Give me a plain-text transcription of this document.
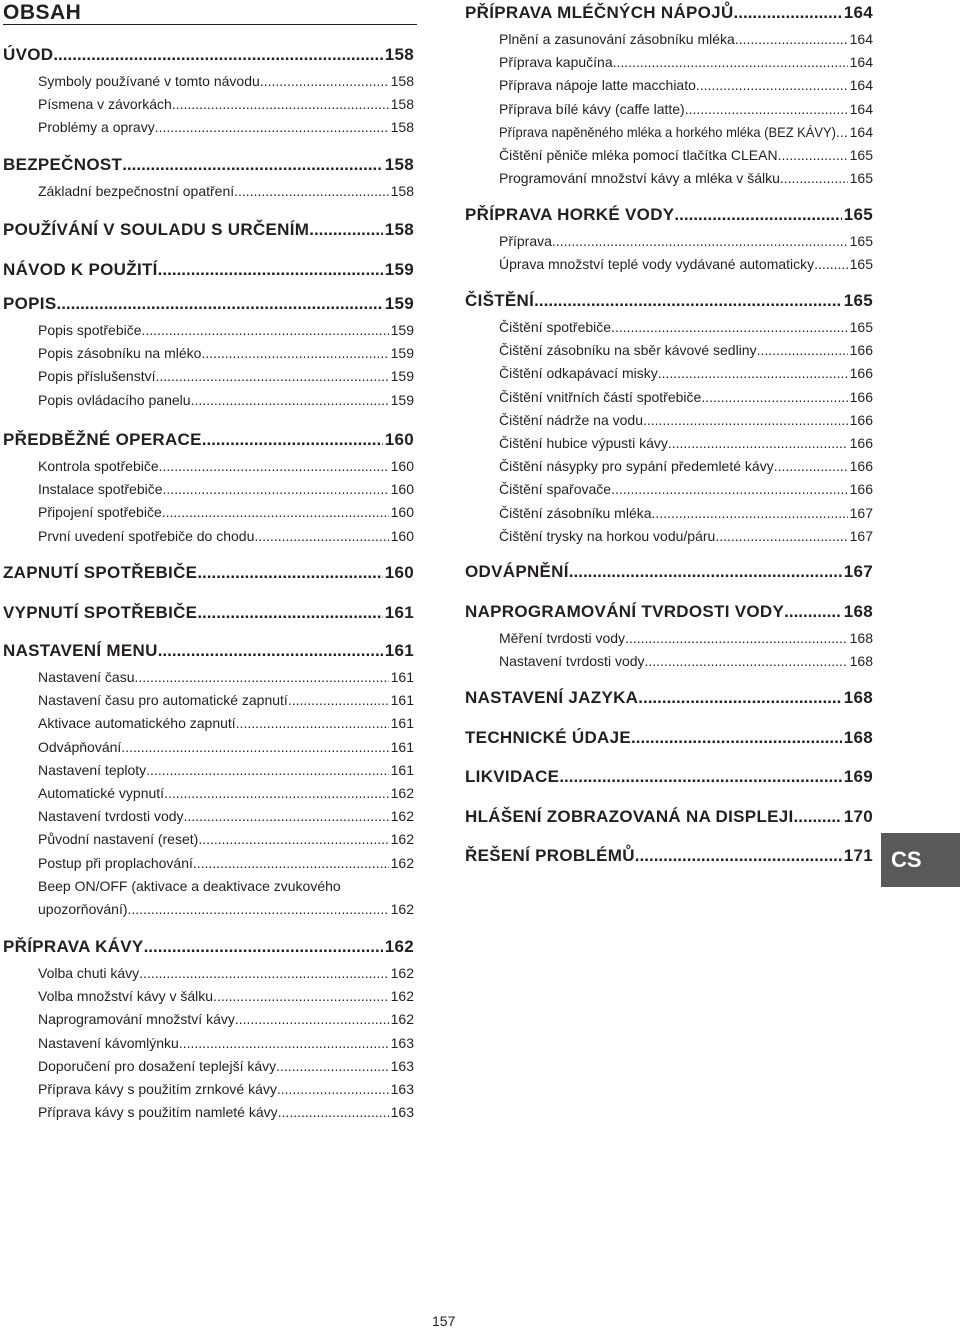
OBSAH
ÚVOD .....	158
Symboly používané v tomto návodu .....	158
Písmena v závorkách .....	158
Problémy a opravy .....	158
BEZPEČNOST .....	158
Základní bezpečnostní opatření .....	158
POUŽÍVÁNÍ V SOULADU S URČENÍM .....	158
NÁVOD K POUŽITÍ .....	159
POPIS .....	159
Popis spotřebiče .....	159
Popis zásobníku na mléko .....	159
Popis příslušenství .....	159
Popis ovládacího panelu .....	159
PŘEDBĚŽNÉ OPERACE .....	160
Kontrola spotřebiče .....	160
Instalace spotřebiče .....	160
Připojení spotřebiče .....	160
První uvedení spotřebiče do chodu .....	160
ZAPNUTÍ SPOTŘEBIČE .....	160
VYPNUTÍ SPOTŘEBIČE .....	161
NASTAVENÍ MENU .....	161
Nastavení času .....	161
Nastavení času pro automatické zapnutí .....	161
Aktivace automatického zapnutí .....	161
Odvápňování .....	161
Nastavení teploty .....	161
Automatické vypnutí .....	162
Nastavení tvrdosti vody .....	162
Původní nastavení (reset) .....	162
Postup při proplachování .....	162
Beep ON/OFF (aktivace a deaktivace zvukového
upozorňování) .....	162
PŘÍPRAVA KÁVY .....	162
Volba chuti kávy .....	162
Volba množství kávy v šálku .....	162
Naprogramování množství kávy .....	162
Nastavení kávomlýnku .....	163
Doporučení pro dosažení teplejší kávy .....	163
Příprava kávy s použitím zrnkové kávy .....	163
Příprava kávy s použitím namleté kávy .....	163
PŘÍPRAVA MLÉČNÝCH NÁPOJŮ .....	164
Plnění a zasunování zásobníku mléka .....	164
Příprava kapučína .....	164
Příprava nápoje latte macchiato .....	164
Příprava bílé kávy (caffe latte) .....	164
Příprava napěněného mléka a horkého mléka (BEZ KÁVY) ..... 164
Čištění pěniče mléka pomocí tlačítka CLEAN .....	165
Programování množství kávy a mléka v šálku .....	165
PŘÍPRAVA HORKÉ VODY .....	165
Příprava .....	165
Úprava množství teplé vody vydávané automaticky .....	165
ČIŠTĚNÍ .....	165
Čištění spotřebiče .....	165
Čištění zásobníku na sběr kávové sedliny .....	166
Čištění odkapávací misky .....	166
Čištění vnitřních částí spotřebiče .....	166
Čištění nádrže na vodu .....	166
Čištění hubice výpusti kávy .....	166
Čištění násypky pro sypání předemleté kávy .....	166
Čištění spařovače .....	166
Čištění zásobníku mléka .....	167
Čištění trysky na horkou vodu/páru .....	167
ODVÁPNĚNÍ .....	167
NAPROGRAMOVÁNÍ TVRDOSTI VODY .....	168
Měření tvrdosti vody .....	168
Nastavení tvrdosti vody .....	168
NASTAVENÍ JAZYKA .....	168
TECHNICKÉ ÚDAJE .....	168
LIKVIDACE .....	169
HLÁŠENÍ ZOBRAZOVANÁ NA DISPLEJI .....	170
ŘEŠENÍ PROBLÉMŮ .....	171 CS
157
